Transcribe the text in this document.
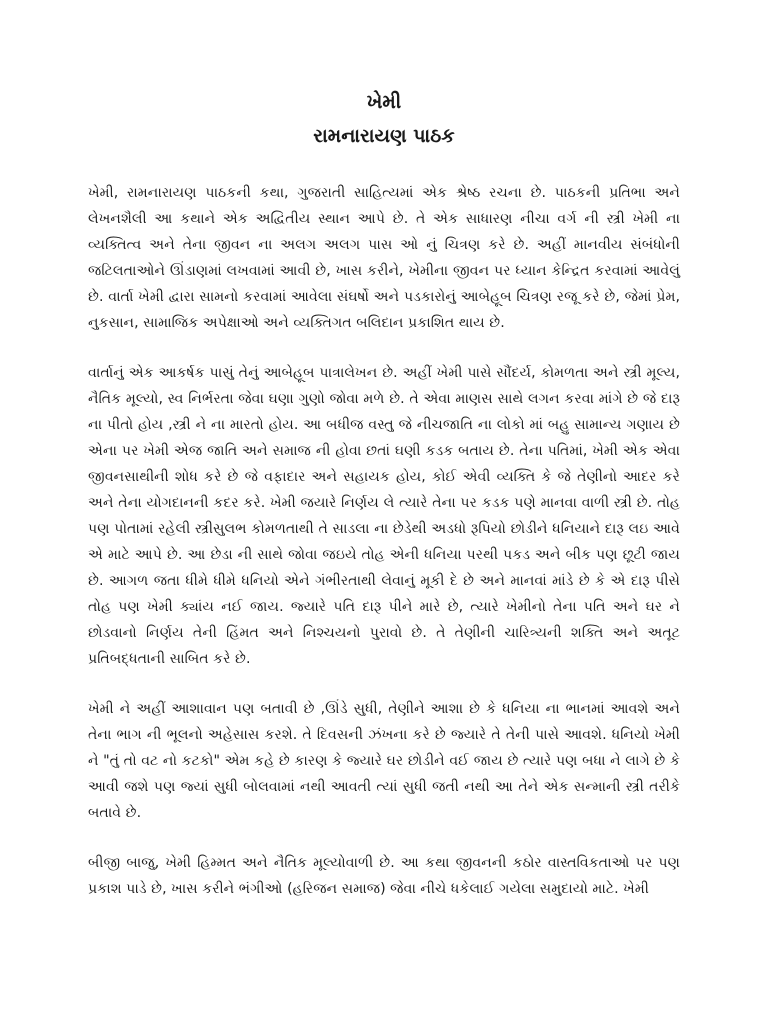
ખેમી
રામનારાયણ પાઠક

ખેમી, રામનારાયણ પાઠકની કથા, ગુજરાતી સાહિત્યમાં એક શ્રેષ્ઠ રચના છે. પાઠકની પ્રતિભા અને લેખનશૈલી આ કથાને એક અદ્વિતીય સ્થાન આપે છે. તે એક સાધારણ નીચા વર્ગ ની સ્ત્રી ખેમી ના વ્યક્તિત્વ અને તેના જીવન ના અલગ અલગ પાસ ઓ નું ચિત્રણ કરે છે. અહીં માનવીય સંબંધોની જટિલતાઓને ઊંડાણમાં લખવામાં આવી છે, ખાસ કરીને, ખેમીના જીવન પર ધ્યાન કેન્દ્રિત કરવામાં આવેલું છે. વાર્તા ખેમી દ્વારા સામનો કરવામાં આવેલા સંઘર્ષો અને પડકારોનું આબેહૂબ ચિત્રણ રજૂ કરે છે, જેમાં પ્રેમ, નુકસાન, સામાજિક અપેક્ષાઓ અને વ્યક્તિગત બલિદાન પ્રકાશિત થાય છે.

વાર્તાનું એક આકર્ષક પાસું તેનું આબેહૂબ પાત્રાલેખન છે. અહીં ખેમી પાસે સૌંદર્ય, કોમળતા અને સ્ત્રી મૂલ્ય, નૈતિક મૂલ્યો, સ્વ નિર્ભરતા જેવા ઘણા ગુણો જોવા મળે છે. તે એવા માણસ સાથે લગન કરવા માંગે છે જે દારૂ ના પીતો હોય ,સ્ત્રી ને ના મારતો હોય. આ બધીજ વસ્તુ જે નીચજાતિ ના લોકો માં બહુ સામાન્ય ગણાય છે એના પર ખેમી એજ જાતિ અને સમાજ ની હોવા છતાં ઘણી કડક બતાય છે. તેના પતિમાં, ખેમી એક એવા જીવનસાથીની શોધ કરે છે જે વફાદાર અને સહાયક હોય, કોઈ એવી વ્યક્તિ કે જે તેણીનો આદર કરે અને તેના યોગદાનની કદર કરે. ખેમી જયારે નિર્ણય લે ત્યારે તેના પર કડક પણે માનવા વાળી સ્ત્રી છે. તોહ પણ પોતામાં રહેલી સ્ત્રીસુલભ કોમળતાથી તે સાડલા ના છેડેથી અડધો રૂપિયો છોડીને ધનિયાને દારૂ લઇ આવે એ માટે આપે છે. આ છેડા ની સાથે જોવા જઇયે તોહ એની ધનિયા પરથી પકડ અને બીક પણ છૂટી જાય છે. આગળ જતા ધીમે ધીમે ધનિયો એને ગંભીરતાથી લેવાનું મૂકી દે છે અને માનવાં માંડે છે કે એ દારૂ પીસે તોહ પણ ખેમી ક્યાંય નઈ જાય. જ્યારે પતિ દારૂ પીને મારે છે, ત્યારે ખેમીનો તેના પતિ અને ઘર ને છોડવાનો નિર્ણય તેની હિંમત અને નિશ્ચયનો પુરાવો છે. તે તેણીની ચારિત્ર્યની શક્તિ અને અતૂટ પ્રતિબદ્ધતાની સાબિત કરે છે.

ખેમી ને અહીં આશાવાન પણ બતાવી છે ,ઊંડે સુધી, તેણીને આશા છે કે ધનિયા ના ભાનમાં આવશે અને તેના ભાગ ની ભૂલનો અહેસાસ કરશે. તે દિવસની ઝંખના કરે છે જ્યારે તે તેની પાસે આવશે. ધનિયો ખેમી ને "તું તો વટ નો કટકો" એમ કહે છે કારણ કે જ્યારે ઘર છોડીને વઈ જાય છે ત્યારે પણ બધા ને લાગે છે કે આવી જશે પણ જ્યાં સુધી બોલવામાં નથી આવતી ત્યાં સુધી જતી નથી આ તેને એક સન્માની સ્ત્રી તરીકે બતાવે છે.

બીજી બાજુ, ખેમી હિમ્મત અને નૈતિક મૂલ્યોવાળી છે. આ કથા જીવનની કઠોર વાસ્તવિકતાઓ પર પણ પ્રકાશ પાડે છે, ખાસ કરીને ભંગીઓ (હરિજન સમાજ) જેવા નીચે ધકેલાઈ ગયેલા સમુદાયો માટે. ખેમી
